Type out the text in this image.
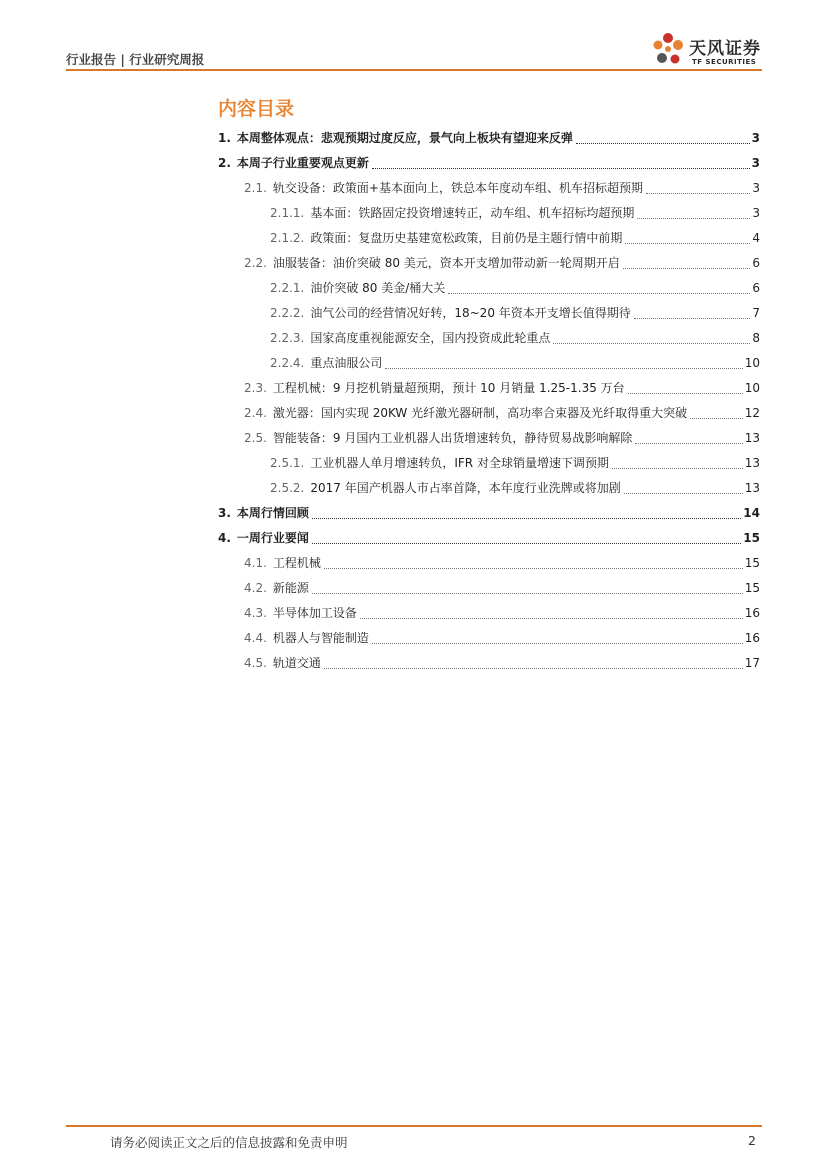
行业报告 | 行业研究周报
天风证券
TF SECURITIES
内容目录
1. 本周整体观点：悲观预期过度反应，景气向上板块有望迎来反弹	3
2. 本周子行业重要观点更新	3
2.1. 轨交设备：政策面+基本面向上，铁总本年度动车组、机车招标超预期	3
2.1.1. 基本面：铁路固定投资增速转正，动车组、机车招标均超预期	3
2.1.2. 政策面：复盘历史基建宽松政策，目前仍是主题行情中前期	4
2.2. 油服装备：油价突破 80 美元，资本开支增加带动新一轮周期开启	6
2.2.1. 油价突破 80 美金/桶大关	6
2.2.2. 油气公司的经营情况好转，18~20 年资本开支增长值得期待	7
2.2.3. 国家高度重视能源安全，国内投资成此轮重点	8
2.2.4. 重点油服公司	10
2.3. 工程机械：9 月挖机销量超预期，预计 10 月销量 1.25-1.35 万台	10
2.4. 激光器：国内实现 20KW 光纤激光器研制，高功率合束器及光纤取得重大突破	12
2.5. 智能装备：9 月国内工业机器人出货增速转负，静待贸易战影响解除	13
2.5.1. 工业机器人单月增速转负，IFR 对全球销量增速下调预期	13
2.5.2. 2017 年国产机器人市占率首降，本年度行业洗牌或将加剧	13
3. 本周行情回顾	14
4. 一周行业要闻	15
4.1. 工程机械	15
4.2. 新能源	15
4.3. 半导体加工设备	16
4.4. 机器人与智能制造	16
4.5. 轨道交通	17
请务必阅读正文之后的信息披露和免责申明	2
